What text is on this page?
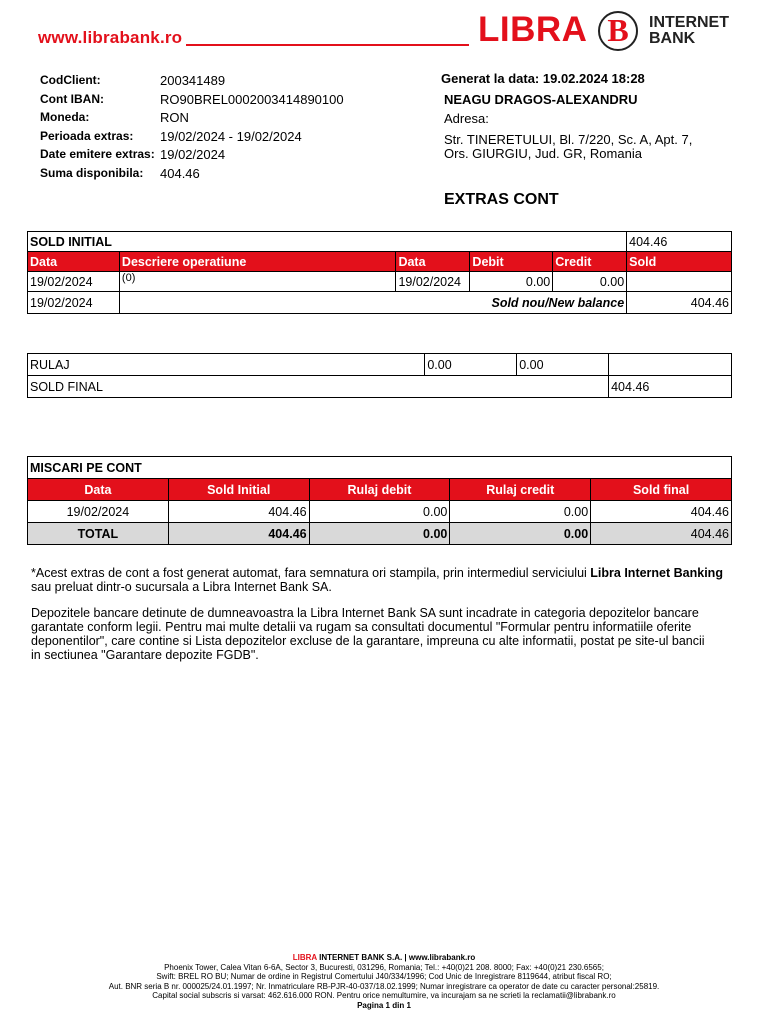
www.librabank.ro	LIBRA B	INTERNET
BANK
CodClient:	200341489
Cont IBAN:	RO90BREL0002003414890100
Moneda:	RON
Perioada extras: 19/02/2024 - 19/02/2024
Date emitere extras: 19/02/2024
Suma disponibila: 404.46
Generat la data: 19.02.2024 18:28
NEAGU DRAGOS-ALEXANDRU
Adresa:
Str. TINERETULUI, Bl. 7/220, Sc. A, Apt. 7,
Ors. GIURGIU, Jud. GR, Romania
EXTRAS CONT
SOLD INITIAL					404.46
Data	Descriere operatiune	Data	Debit	Credit	Sold
19/02/2024	(0)	19/02/2024	0.00	0.00	
19/02/2024	Sold nou/New balance				404.46
RULAJ	0.00	0.00	
SOLD FINAL			404.46
MISCARI PE CONT				
Data	Sold Initial	Rulaj debit	Rulaj credit	Sold final
19/02/2024	404.46	0.00	0.00	404.46
TOTAL	404.46	0.00	0.00	404.46
*Acest extras de cont a fost generat automat, fara semnatura ori stampila, prin intermediul serviciului Libra Internet Banking sau preluat dintr-o sucursala a Libra Internet Bank SA.
Depozitele bancare detinute de dumneavoastra la Libra Internet Bank SA sunt incadrate in categoria depozitelor bancare
garantate conform legii. Pentru mai multe detalii va rugam sa consultati documentul "Formular pentru informatiile oferite
deponentilor", care contine si Lista depozitelor excluse de la garantare, impreuna cu alte informatii, postat pe site-ul bancii
in sectiunea "Garantare depozite FGDB".
LIBRA INTERNET BANK S.A. | www.librabank.ro
Phoenix Tower, Calea Vitan 6-6A, Sector 3, Bucuresti, 031296, Romania; Tel.: +40(0)21 208. 8000; Fax: +40(0)21 230.6565;
Swift: BREL RO BU; Numar de ordine in Registrul Comertului J40/334/1996; Cod Unic de Inregistrare 8119644, atribut fiscal RO;
Aut. BNR seria B nr. 000025/24.01.1997; Nr. Inmatriculare RB-PJR-40-037/18.02.1999; Numar inregistrare ca operator de date cu caracter personal:25819.
Capital social subscris si varsat: 462.616.000 RON. Pentru orice nemultumire, va incurajam sa ne scrieti la reclamatii@librabank.ro
Pagina 1 din 1
